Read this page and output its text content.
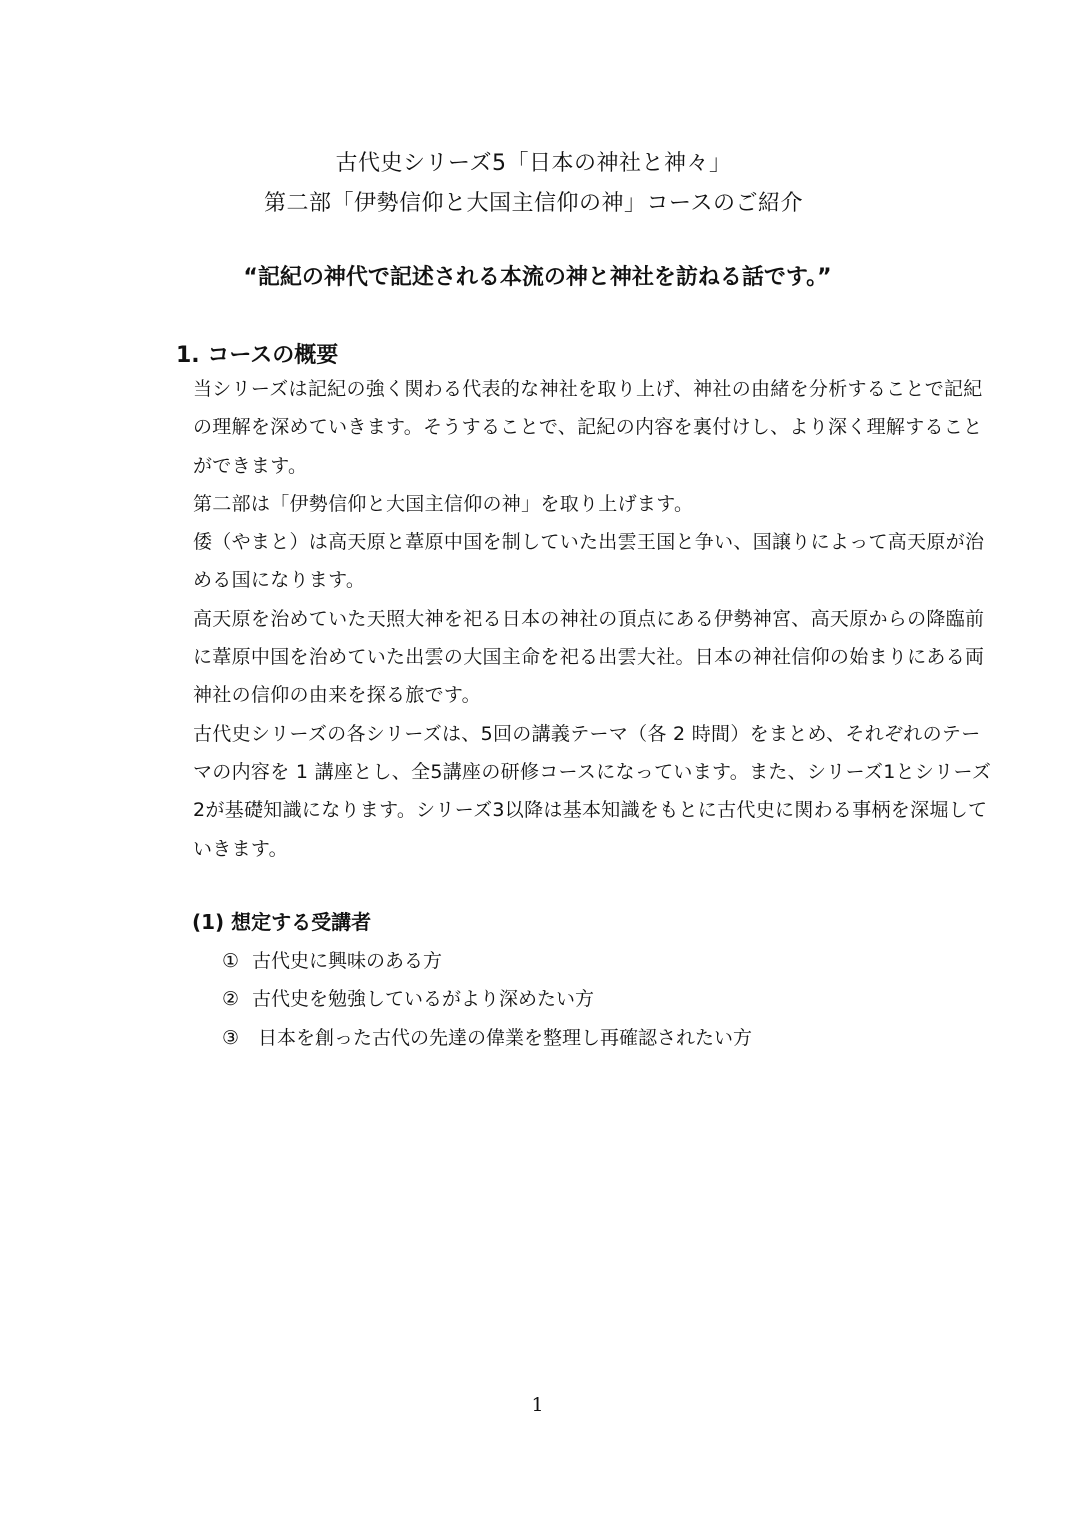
古代史シリーズ5「日本の神社と神々」
第二部「伊勢信仰と大国主信仰の神」コースのご紹介
“記紀の神代で記述される本流の神と神社を訪ねる話です。”
1. コースの概要

当シリーズは記紀の強く関わる代表的な神社を取り上げ、神社の由緒を分析することで記紀の理解を深めていきます。そうすることで、記紀の内容を裏付けし、より深く理解することができます。

第二部は「伊勢信仰と大国主信仰の神」を取り上げます。

倭（やまと）は高天原と葦原中国を制していた出雲王国と争い、国譲りによって高天原が治める国になります。

高天原を治めていた天照大神を祀る日本の神社の頂点にある伊勢神宮、高天原からの降臨前に葦原中国を治めていた出雲の大国主命を祀る出雲大社。日本の神社信仰の始まりにある両神社の信仰の由来を探る旅です。

古代史シリーズの各シリーズは、5回の講義テーマ（各 2 時間）をまとめ、それぞれのテーマの内容を 1 講座とし、全5講座の研修コースになっています。また、シリーズ1とシリーズ2が基礎知識になります。シリーズ3以降は基本知識をもとに古代史に関わる事柄を深堀していきます。

(1) 想定する受講者
① 古代史に興味のある方
② 古代史を勉強しているがより深めたい方
③ 日本を創った古代の先達の偉業を整理し再確認されたい方
1
